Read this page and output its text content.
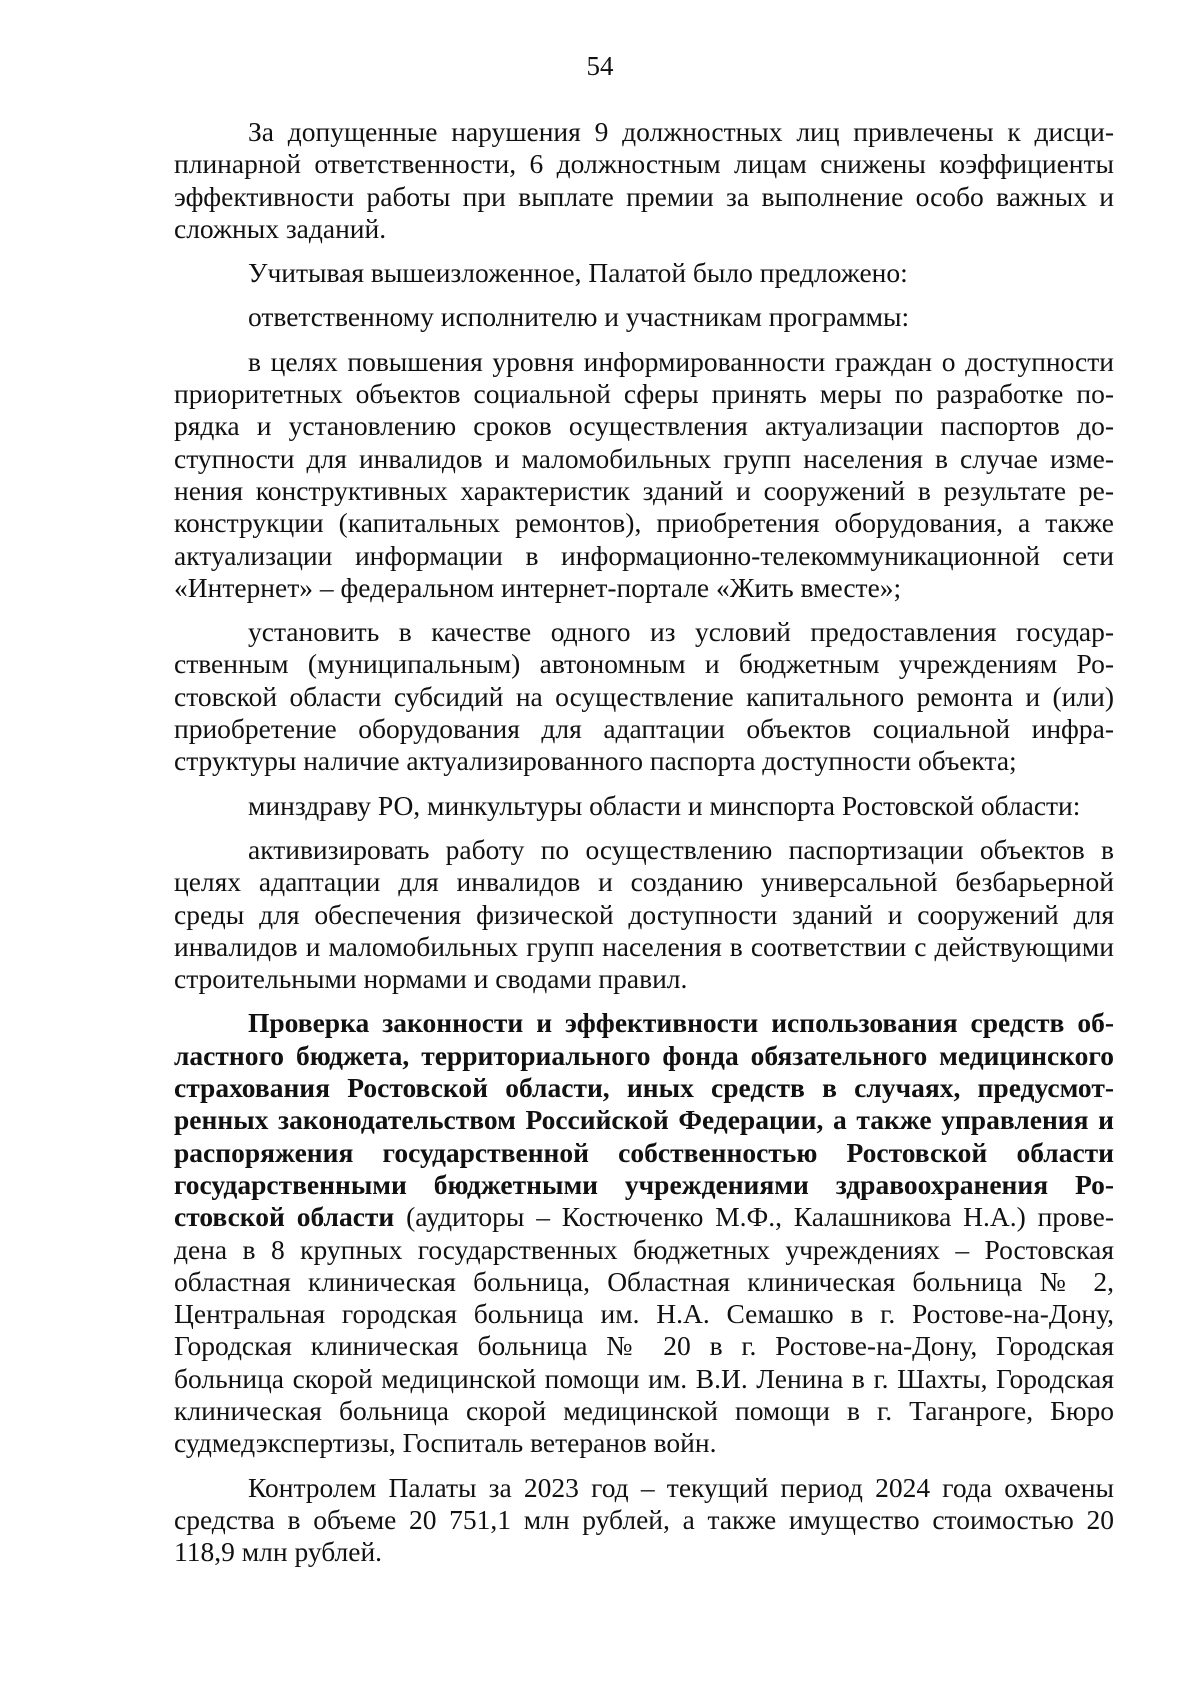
54

За допущенные нарушения 9 должностных лиц привлечены к дисциплинарной ответственности, 6 должностным лицам снижены коэффициенты эффективности работы при выплате премии за выполнение особо важных и сложных заданий.

Учитывая вышеизложенное, Палатой было предложено:

ответственному исполнителю и участникам программы:

в целях повышения уровня информированности граждан о доступности приоритетных объектов социальной сферы принять меры по разработке порядка и установлению сроков осуществления актуализации паспортов доступности для инвалидов и маломобильных групп населения в случае изменения конструктивных характеристик зданий и сооружений в результате реконструкции (капитальных ремонтов), приобретения оборудования, а также актуализации информации в информационно-телекоммуникационной сети «Интернет» – федеральном интернет-портале «Жить вместе»;

установить в качестве одного из условий предоставления государственным (муниципальным) автономным и бюджетным учреждениям Ростовской области субсидий на осуществление капитального ремонта и (или) приобретение оборудования для адаптации объектов социальной инфраструктуры наличие актуализированного паспорта доступности объекта;

минздраву РО, минкультуры области и минспорта Ростовской области:

активизировать работу по осуществлению паспортизации объектов в целях адаптации для инвалидов и созданию универсальной безбарьерной среды для обеспечения физической доступности зданий и сооружений для инвалидов и маломобильных групп населения в соответствии с действующими строительными нормами и сводами правил.

Проверка законности и эффективности использования средств областного бюджета, территориального фонда обязательного медицинского страхования Ростовской области, иных средств в случаях, предусмотренных законодательством Российской Федерации, а также управления и распоряжения государственной собственностью Ростовской области государственными бюджетными учреждениями здравоохранения Ростовской области (аудиторы – Костюченко М.Ф., Калашникова Н.А.) проведена в 8 крупных государственных бюджетных учреждениях – Ростовская областная клиническая больница, Областная клиническая больница № 2, Центральная городская больница им. Н.А. Семашко в г. Ростове-на-Дону, Городская клиническая больница № 20 в г. Ростове-на-Дону, Городская больница скорой медицинской помощи им. В.И. Ленина в г. Шахты, Городская клиническая больница скорой медицинской помощи в г. Таганроге, Бюро судмедэкспертизы, Госпиталь ветеранов войн.

Контролем Палаты за 2023 год – текущий период 2024 года охвачены средства в объеме 20 751,1 млн рублей, а также имущество стоимостью 20 118,9 млн рублей.
